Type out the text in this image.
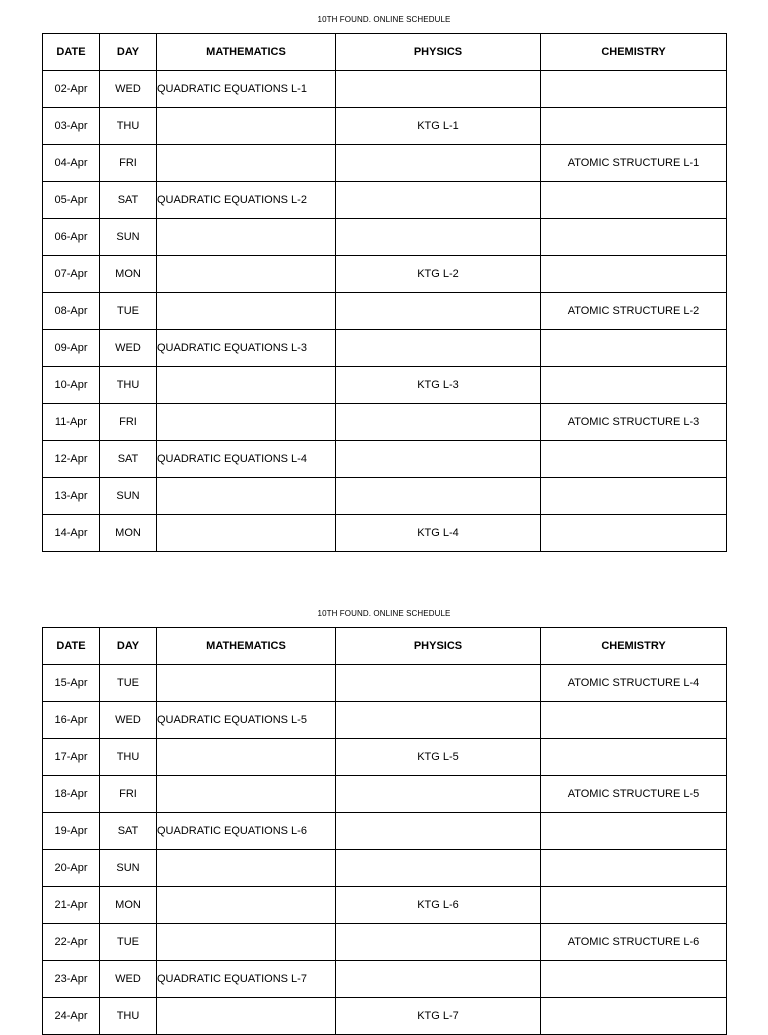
10TH FOUND. ONLINE SCHEDULE
DATE	DAY	MATHEMATICS	PHYSICS	CHEMISTRY
02-Apr	WED	QUADRATIC EQUATIONS L-1		
03-Apr	THU		KTG L-1	
04-Apr	FRI			ATOMIC STRUCTURE L-1
05-Apr	SAT	QUADRATIC EQUATIONS L-2		
06-Apr	SUN			
07-Apr	MON		KTG L-2	
08-Apr	TUE			ATOMIC STRUCTURE L-2
09-Apr	WED	QUADRATIC EQUATIONS L-3		
10-Apr	THU		KTG L-3	
11-Apr	FRI			ATOMIC STRUCTURE L-3
12-Apr	SAT	QUADRATIC EQUATIONS L-4		
13-Apr	SUN			
14-Apr	MON		KTG L-4	
10TH FOUND. ONLINE SCHEDULE
DATE	DAY	MATHEMATICS	PHYSICS	CHEMISTRY
15-Apr	TUE			ATOMIC STRUCTURE L-4
16-Apr	WED	QUADRATIC EQUATIONS L-5		
17-Apr	THU		KTG L-5	
18-Apr	FRI			ATOMIC STRUCTURE L-5
19-Apr	SAT	QUADRATIC EQUATIONS L-6		
20-Apr	SUN			
21-Apr	MON		KTG L-6	
22-Apr	TUE			ATOMIC STRUCTURE L-6
23-Apr	WED	QUADRATIC EQUATIONS L-7		
24-Apr	THU		KTG L-7	
